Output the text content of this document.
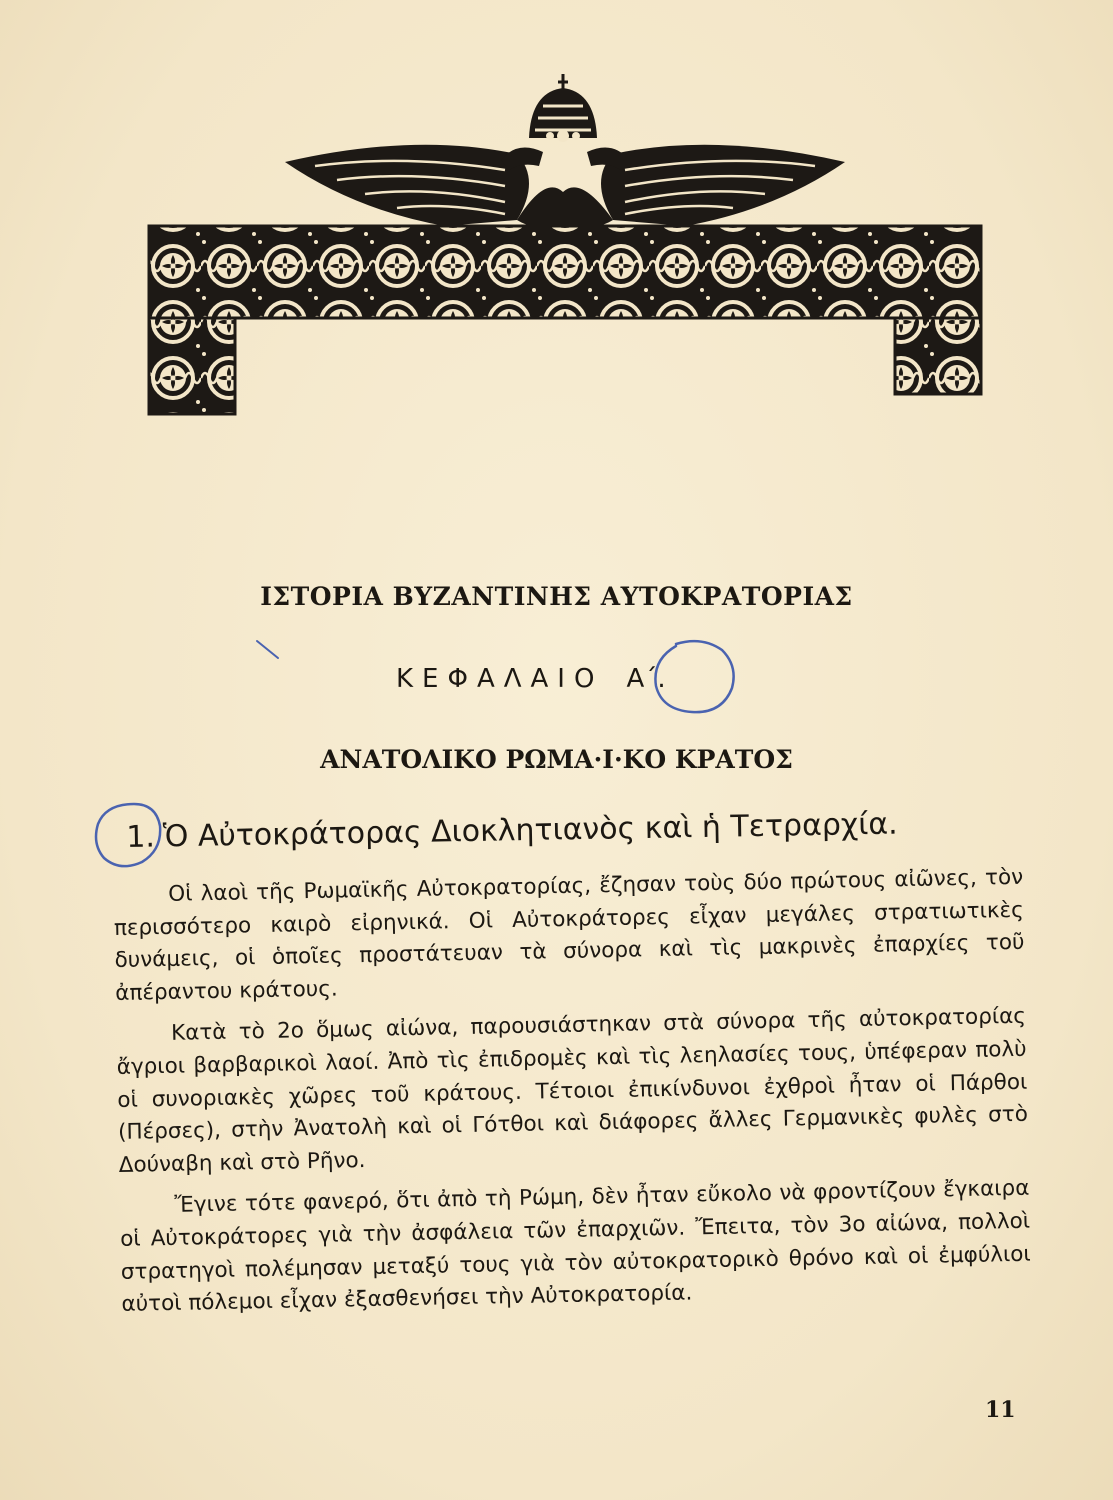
ΙΣΤΟΡΙΑ ΒΥΖΑΝΤΙΝΗΣ ΑΥΤΟΚΡΑΤΟΡΙΑΣ
ΚΕΦΑΛΑΙΟ Α΄.
ΑΝΑΤΟΛΙΚΟ ΡΩΜΑ·Ι·ΚΟ ΚΡΑΤΟΣ
1. Ὁ Αὐτοκράτορας Διοκλητιανὸς καὶ ἡ Τετραρχία.

Οἱ λαοὶ τῆς Ρωμαϊκῆς Αὐτοκρατορίας, ἔζησαν τοὺς δύο πρώτους αἰῶνες, τὸν περισσότερο καιρὸ εἰρηνικά. Οἱ Αὐτοκράτορες εἶχαν μεγάλες στρατιωτικὲς δυνάμεις, οἱ ὁποῖες προστάτευαν τὰ σύνορα καὶ τὶς μακρινὲς ἐπαρχίες τοῦ ἀπέραντου κράτους.

Κατὰ τὸ 2ο ὅμως αἰώνα, παρουσιάστηκαν στὰ σύνορα τῆς αὐτοκρατορίας ἄγριοι βαρβαρικοὶ λαοί. Ἀπὸ τὶς ἐπιδρομὲς καὶ τὶς λεηλασίες τους, ὑπέφεραν πολὺ οἱ συνοριακὲς χῶρες τοῦ κράτους. Τέτοιοι ἐπικίνδυνοι ἐχθροὶ ἦταν οἱ Πάρθοι (Πέρσες), στὴν Ἀνατολὴ καὶ οἱ Γότθοι καὶ διάφορες ἄλλες Γερμανικὲς φυλὲς στὸ Δούναβη καὶ στὸ Ρῆνο.

Ἔγινε τότε φανερό, ὅτι ἀπὸ τὴ Ρώμη, δὲν ἦταν εὔκολο νὰ φροντίζουν ἔγκαιρα οἱ Αὐτοκράτορες γιὰ τὴν ἀσφάλεια τῶν ἐπαρχιῶν. Ἔπειτα, τὸν 3ο αἰώνα, πολλοὶ στρατηγοὶ πολέμησαν μεταξύ τους γιὰ τὸν αὐτοκρατορικὸ θρόνο καὶ οἱ ἐμφύλιοι αὐτοὶ πόλεμοι εἶχαν ἐξασθενήσει τὴν Αὐτοκρατορία.

11
